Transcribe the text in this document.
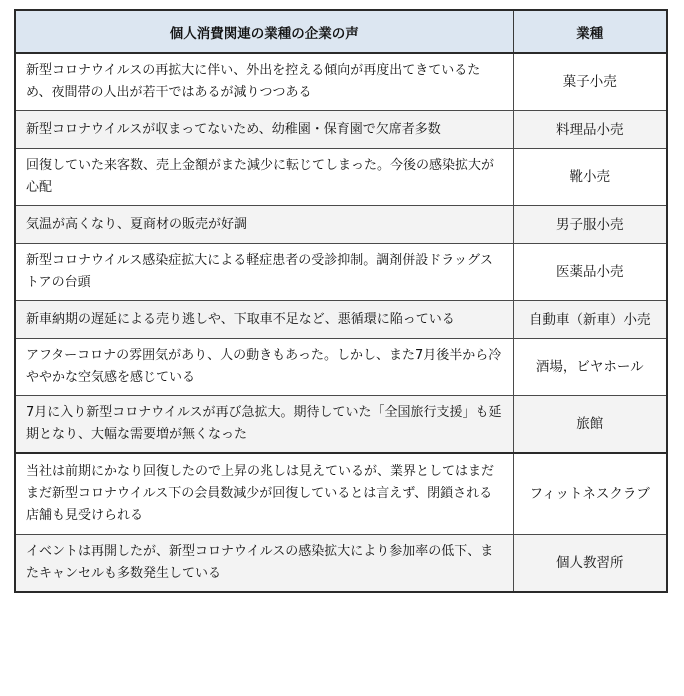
個人消費関連の業種の企業の声	業種
新型コロナウイルスの再拡大に伴い、外出を控える傾向が再度出てきているため、夜間帯の人出が若干ではあるが減りつつある	菓子小売
新型コロナウイルスが収まってないため、幼稚園・保育園で欠席者多数	料理品小売
回復していた来客数、売上金額がまた減少に転じてしまった。今後の感染拡大が心配	靴小売
気温が高くなり、夏商材の販売が好調	男子服小売
新型コロナウイルス感染症拡大による軽症患者の受診抑制。調剤併設ドラッグストアの台頭	医薬品小売
新車納期の遅延による売り逃しや、下取車不足など、悪循環に陥っている	自動車（新車）小売
アフターコロナの雰囲気があり、人の動きもあった。しかし、また7月後半から冷ややかな空気感を感じている	酒場，ビヤホール
7月に入り新型コロナウイルスが再び急拡大。期待していた「全国旅行支援」も延期となり、大幅な需要増が無くなった	旅館
当社は前期にかなり回復したので上昇の兆しは見えているが、業界としてはまだまだ新型コロナウイルス下の会員数減少が回復しているとは言えず、閉鎖される店舗も見受けられる	フィットネスクラブ
イベントは再開したが、新型コロナウイルスの感染拡大により参加率の低下、またキャンセルも多数発生している	個人教習所
